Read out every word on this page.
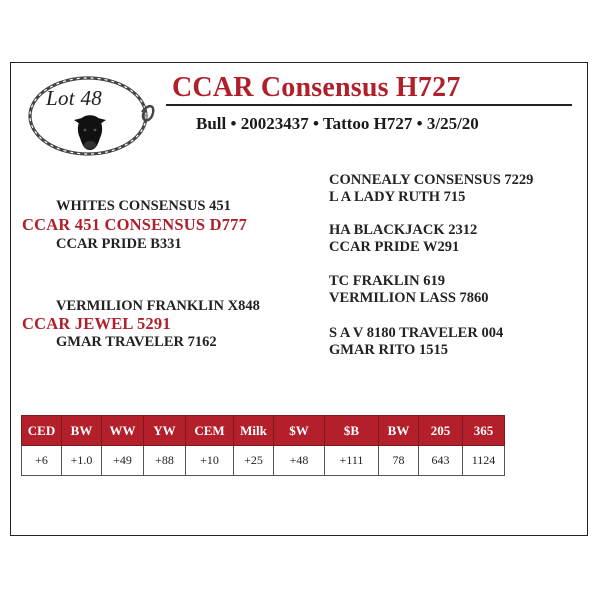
Lot 48 CCAR Consensus H727
Bull • 20023437 • Tattoo H727 • 3/25/20
WHITES CONSENSUS 451
CCAR 451 CONSENSUS D777
CCAR PRIDE B331
CONNEALY CONSENSUS 7229
L A LADY RUTH 715
HA BLACKJACK 2312
CCAR PRIDE W291
VERMILION FRANKLIN X848
CCAR JEWEL 5291
GMAR TRAVELER 7162
TC FRAKLIN 619
VERMILION LASS 7860
S A V 8180 TRAVELER 004
GMAR RITO 1515
CED	BW	WW	YW	CEM	Milk	$W	$B	BW	205	365
+6	+1.0	+49	+88	+10	+25	+48	+111	78	643	1124
